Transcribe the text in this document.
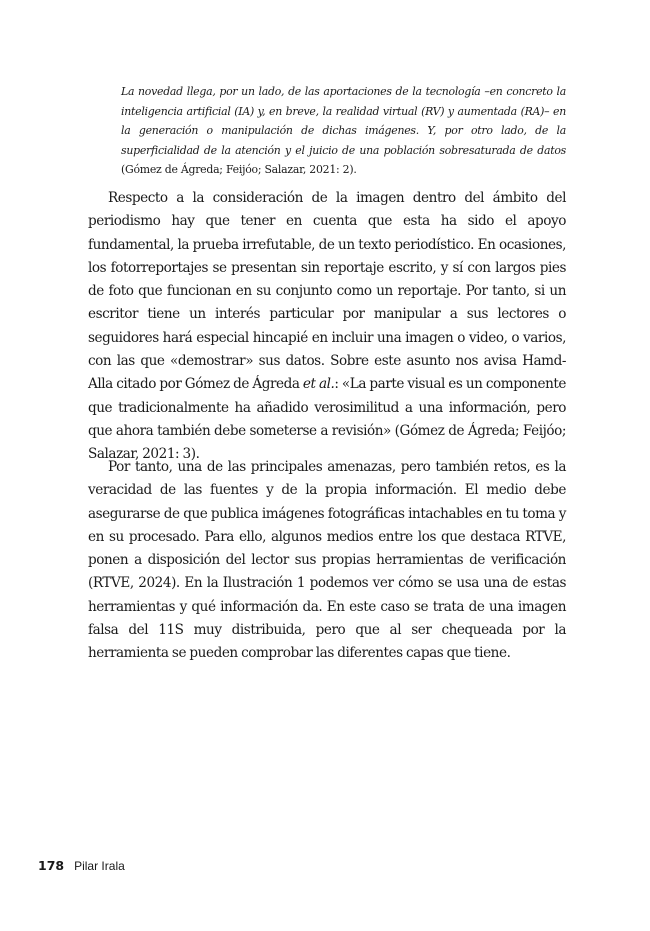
La novedad llega, por un lado, de las aportaciones de la tecnología –en concreto la inteligencia artificial (IA) y, en breve, la realidad virtual (RV) y aumentada (RA)– en la generación o manipulación de dichas imágenes. Y, por otro lado, de la superficialidad de la atención y el juicio de una población sobresaturada de datos (Gómez de Ágreda; Feijóo; Salazar, 2021: 2).

Respecto a la consideración de la imagen dentro del ámbito del periodismo hay que tener en cuenta que esta ha sido el apoyo fundamental, la prueba irrefutable, de un texto periodístico. En ocasiones, los fotorreportajes se presentan sin reportaje escrito, y sí con largos pies de foto que funcionan en su conjunto como un reportaje. Por tanto, si un escritor tiene un interés particular por manipular a sus lectores o seguidores hará especial hincapié en incluir una imagen o video, o varios, con las que «demostrar» sus datos. Sobre este asunto nos avisa Hamd-Alla citado por Gómez de Ágreda et al.: «La parte visual es un componente que tradicionalmente ha añadido verosimilitud a una información, pero que ahora también debe someterse a revisión» (Gómez de Ágreda; Feijóo; Salazar, 2021: 3).

Por tanto, una de las principales amenazas, pero también retos, es la veracidad de las fuentes y de la propia información. El medio debe asegurarse de que publica imágenes fotográficas intachables en tu toma y en su procesado. Para ello, algunos medios entre los que destaca RTVE, ponen a disposición del lector sus propias herramientas de verificación (RTVE, 2024). En la Ilustración 1 podemos ver cómo se usa una de estas herramientas y qué información da. En este caso se trata de una imagen falsa del 11S muy distribuida, pero que al ser chequeada por la herramienta se pueden comprobar las diferentes capas que tiene.

178 Pilar Irala
